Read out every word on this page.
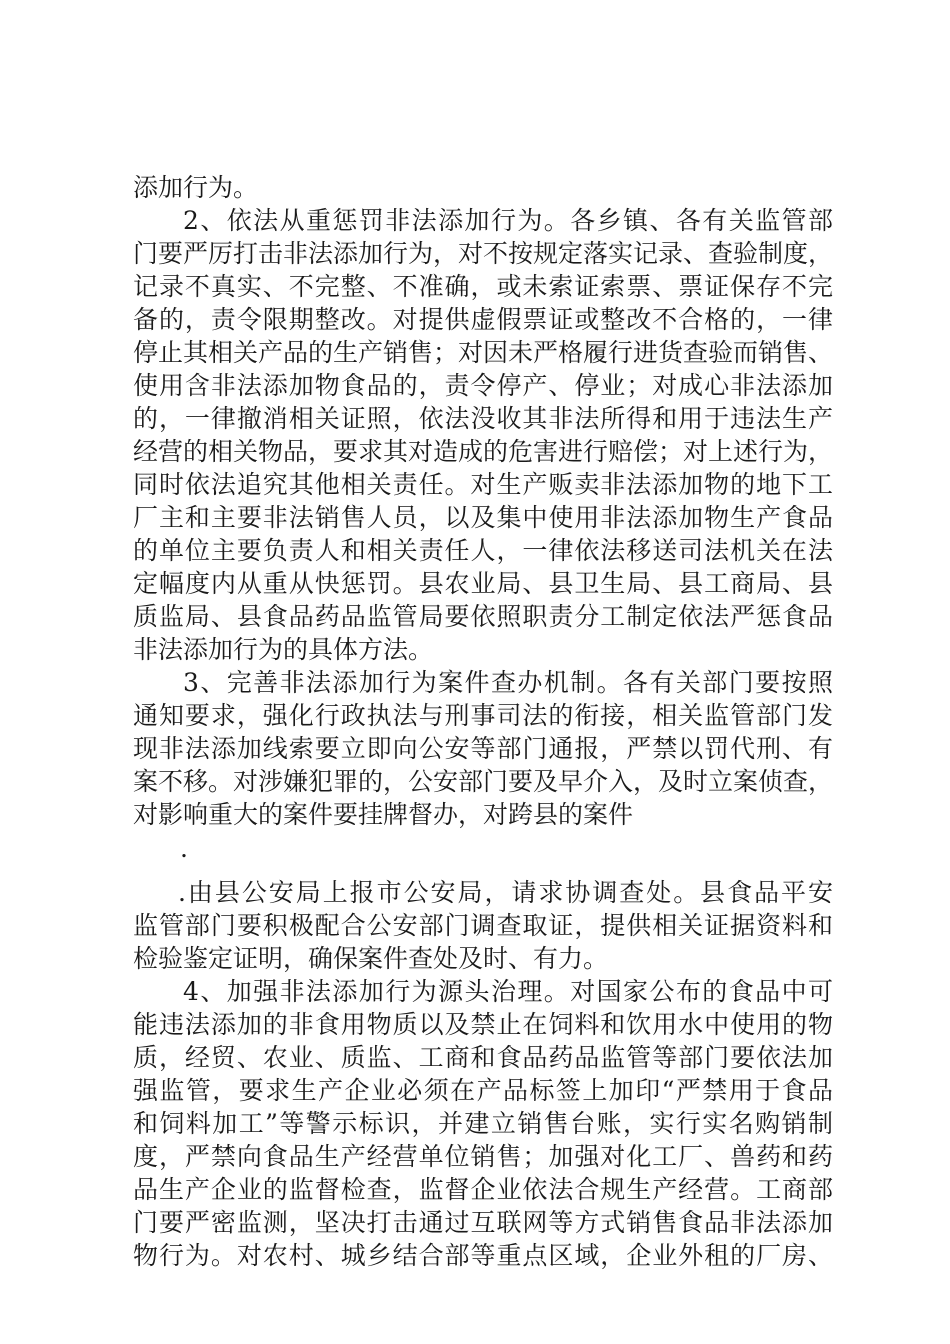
添加行为。
2、依法从重惩罚非法添加行为。各乡镇、各有关监管部
门要严厉打击非法添加行为，对不按规定落实记录、查验制度，
记录不真实、不完整、不准确，或未索证索票、票证保存不完
备的，责令限期整改。对提供虚假票证或整改不合格的，一律
停止其相关产品的生产销售；对因未严格履行进货查验而销售、
使用含非法添加物食品的，责令停产、停业；对成心非法添加
的，一律撤消相关证照，依法没收其非法所得和用于违法生产
经营的相关物品，要求其对造成的危害进行赔偿；对上述行为，
同时依法追究其他相关责任。对生产贩卖非法添加物的地下工
厂主和主要非法销售人员，以及集中使用非法添加物生产食品
的单位主要负责人和相关责任人，一律依法移送司法机关在法
定幅度内从重从快惩罚。县农业局、县卫生局、县工商局、县
质监局、县食品药品监管局要依照职责分工制定依法严惩食品
非法添加行为的具体方法。
3、完善非法添加行为案件查办机制。各有关部门要按照
通知要求，强化行政执法与刑事司法的衔接，相关监管部门发
现非法添加线索要立即向公安等部门通报，严禁以罚代刑、有
案不移。对涉嫌犯罪的，公安部门要及早介入，及时立案侦查，
对影响重大的案件要挂牌督办，对跨县的案件
.
.由县公安局上报市公安局，请求协调查处。县食品平安
监管部门要积极配合公安部门调查取证，提供相关证据资料和
检验鉴定证明，确保案件查处及时、有力。
4、加强非法添加行为源头治理。对国家公布的食品中可
能违法添加的非食用物质以及禁止在饲料和饮用水中使用的物
质，经贸、农业、质监、工商和食品药品监管等部门要依法加
强监管，要求生产企业必须在产品标签上加印“严禁用于食品
和饲料加工”等警示标识，并建立销售台账，实行实名购销制
度，严禁向食品生产经营单位销售；加强对化工厂、兽药和药
品生产企业的监督检查，监督企业依法合规生产经营。工商部
门要严密监测，坚决打击通过互联网等方式销售食品非法添加
物行为。对农村、城乡结合部等重点区域，企业外租的厂房、
